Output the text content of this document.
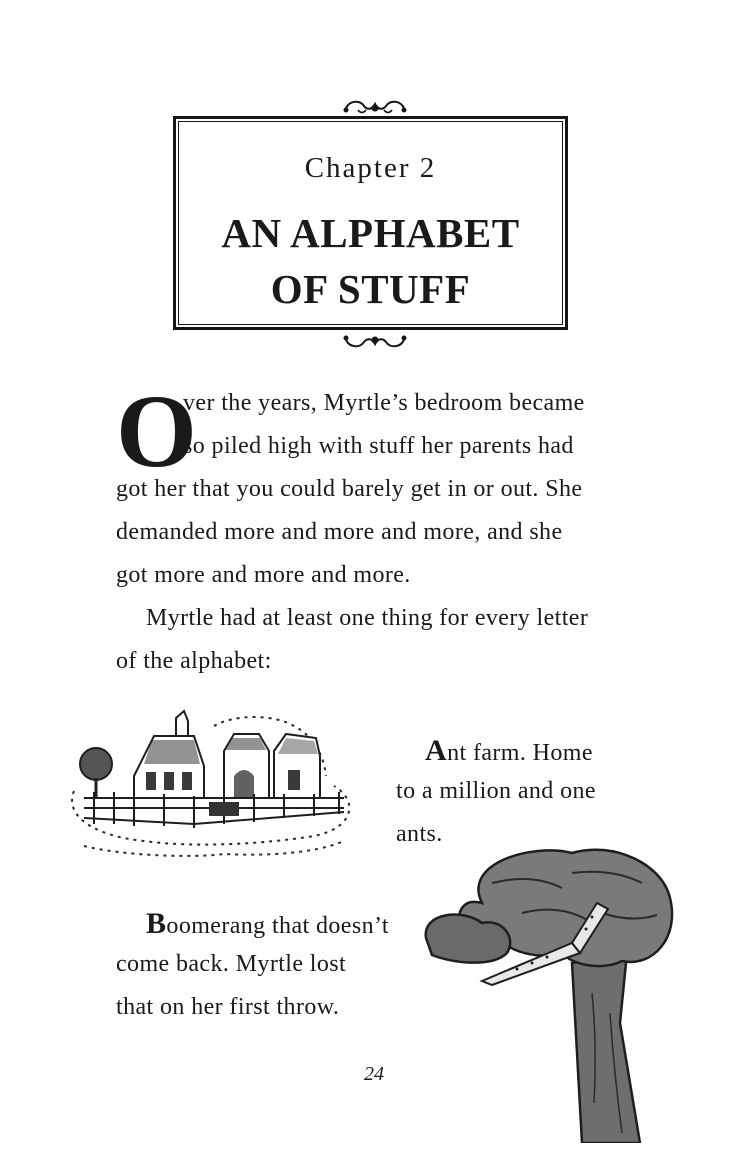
Chapter 2
AN ALPHABET
OF STUFF
O
ver the years, Myrtle’s bedroom became
so piled high with stuff her parents had
got her that you could barely get in or out. She
demanded more and more and more, and she
got more and more and more.
Myrtle had at least one thing for every letter
of the alphabet:
Ant farm. Home
to a million and one
ants.
Boomerang that doesn’t
come back. Myrtle lost
that on her first throw.
24
